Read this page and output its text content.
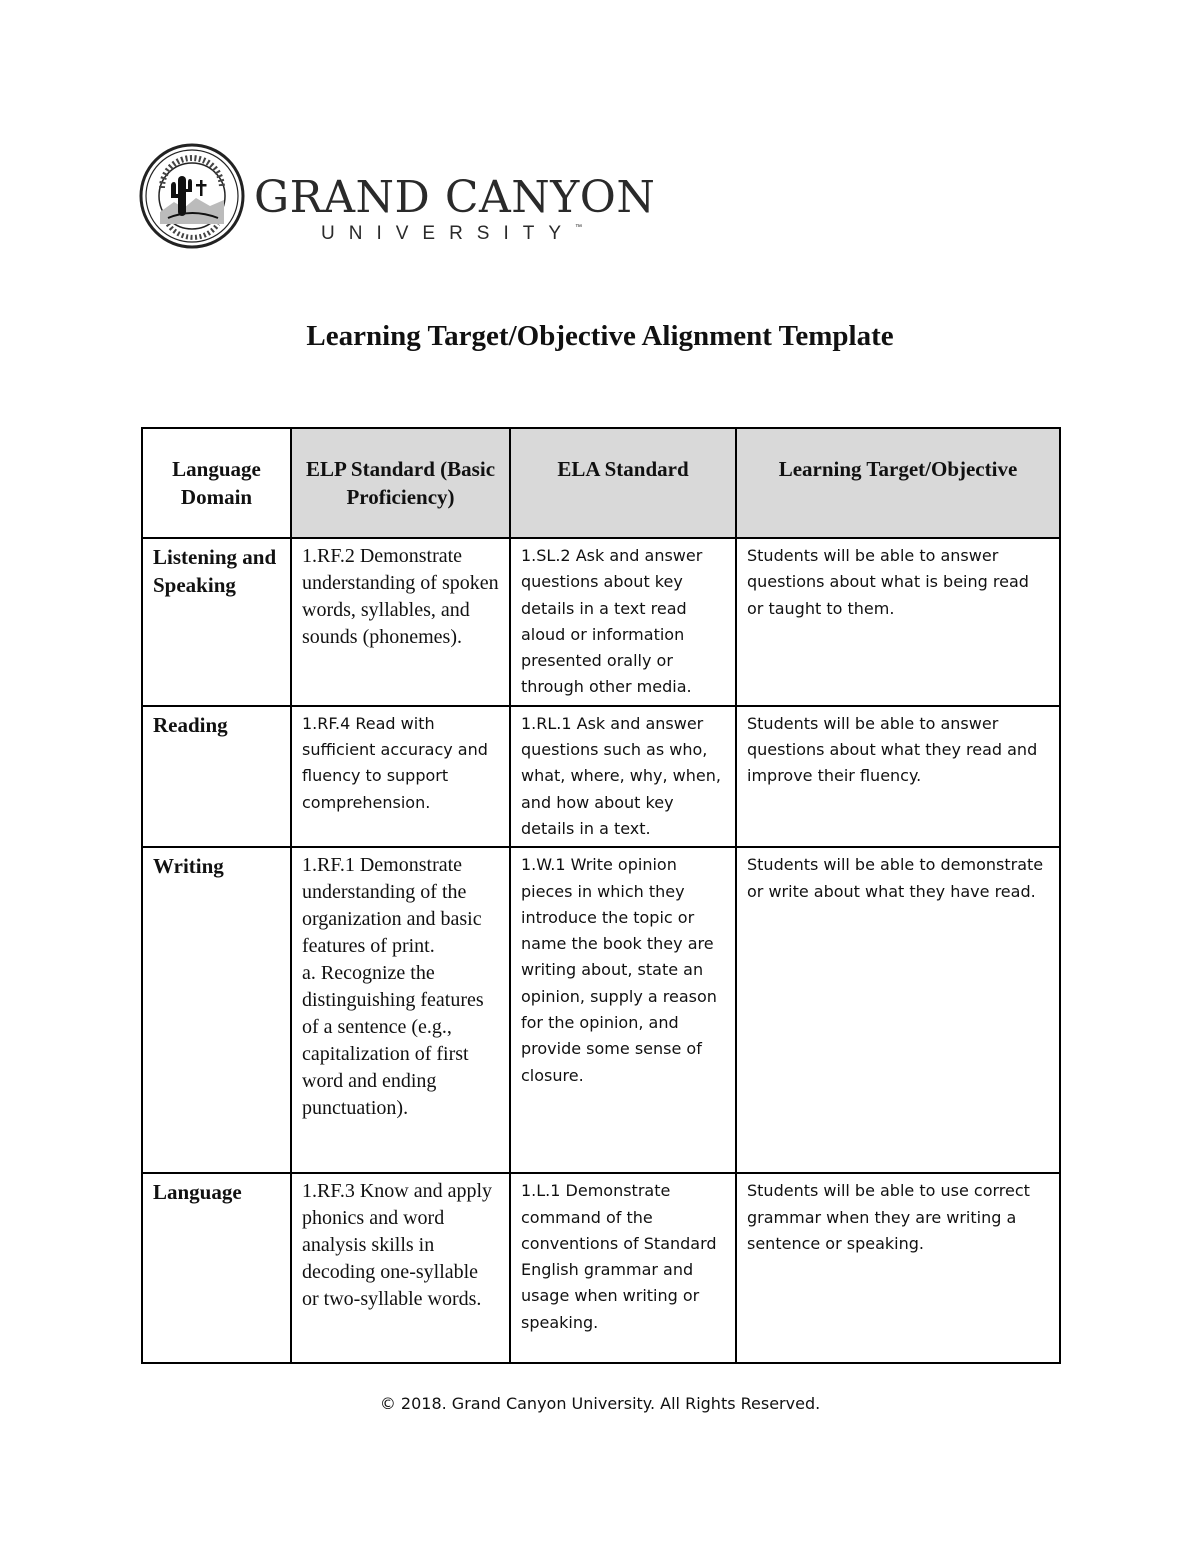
GRAND CANYON
UNIVERSITY™
Learning Target/Objective Alignment Template
Language Domain	ELP Standard (Basic Proficiency)	ELA Standard	Learning Target/Objective
Listening and Speaking	1.RF.2 Demonstrate understanding of spoken words, syllables, and sounds (phonemes).	1.SL.2 Ask and answer questions about key details in a text read aloud or information presented orally or through other media.	Students will be able to answer questions about what is being read or taught to them.
Reading	1.RF.4 Read with sufficient accuracy and fluency to support comprehension.	1.RL.1 Ask and answer questions such as who, what, where, why, when, and how about key details in a text.	Students will be able to answer questions about what they read and improve their fluency.
Writing	1.RF.1 Demonstrate understanding of the organization and basic features of print.
a. Recognize the distinguishing features of a sentence (e.g., capitalization of first word and ending punctuation).	1.W.1 Write opinion pieces in which they introduce the topic or name the book they are writing about, state an opinion, supply a reason for the opinion, and provide some sense of closure.	Students will be able to demonstrate or write about what they have read.
Language	1.RF.3 Know and apply phonics and word analysis skills in decoding one-syllable
or two-syllable words.	1.L.1 Demonstrate command of the conventions of Standard English grammar and usage when writing or speaking.	Students will be able to use correct grammar when they are writing a sentence or speaking.
© 2018. Grand Canyon University. All Rights Reserved.
